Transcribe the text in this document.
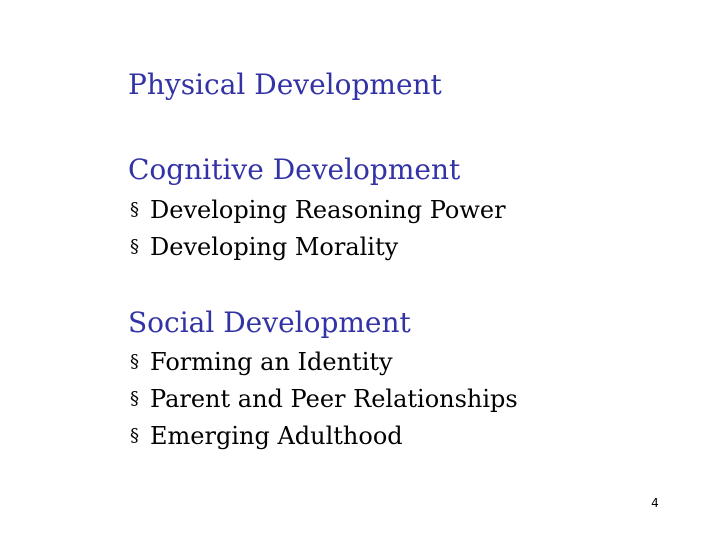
Physical Development
Cognitive Development
§ Developing Reasoning Power
§ Developing Morality
Social Development
§ Forming an Identity
§ Parent and Peer Relationships
§ Emerging Adulthood
4
